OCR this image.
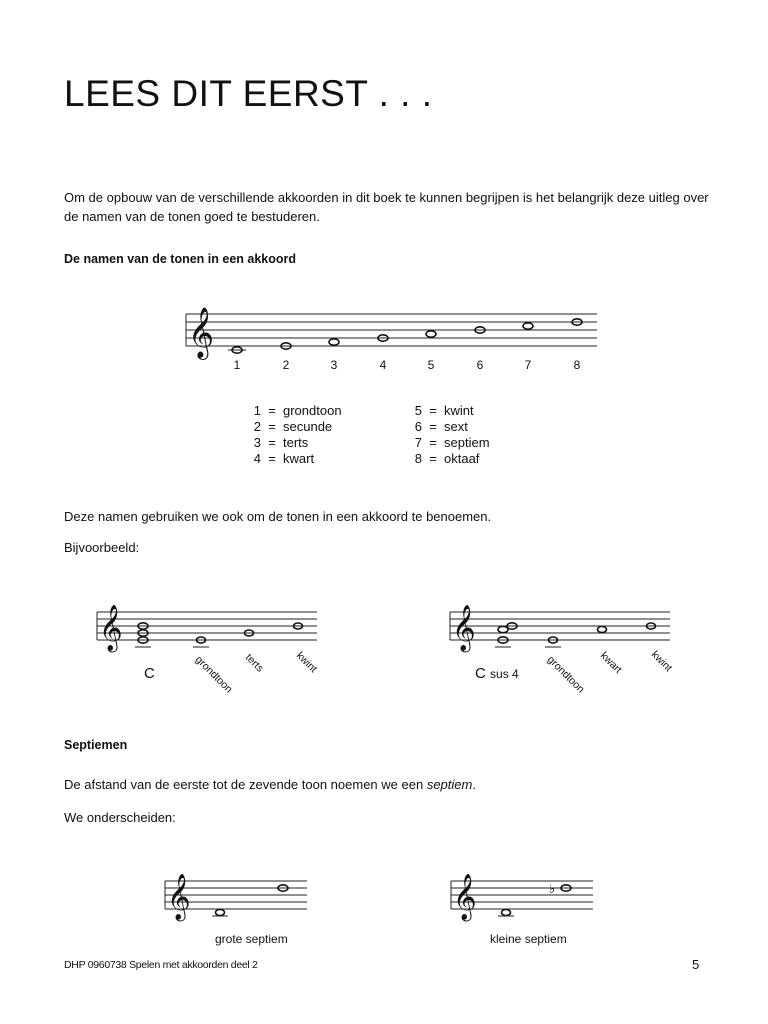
LEES DIT EERST . . .
Om de opbouw van de verschillende akkoorden in dit boek te kunnen begrijpen is het belangrijk deze uitleg over de namen van de tonen goed te bestuderen.
De namen van de tonen in een akkoord
𝄞
1	2	3	4	5	6	7	8
1 = grondtoon
2 = secunde
3 = terts
4 = kwart
5 = kwint
6 = sext
7 = septiem
8 = oktaaf
Deze namen gebruiken we ook om de tonen in een akkoord te benoemen.
Bijvoorbeeld:
𝄞
C	grondtoon terts	kwint
𝄞
C sus 4 grondtoon kwart kwint
Septiemen
De afstand van de eerste tot de zevende toon noemen we een septiem.
We onderscheiden:
𝄞
grote septiem
𝄞	♭
kleine septiem
DHP 0960738 Spelen met akkoorden deel 2	5
